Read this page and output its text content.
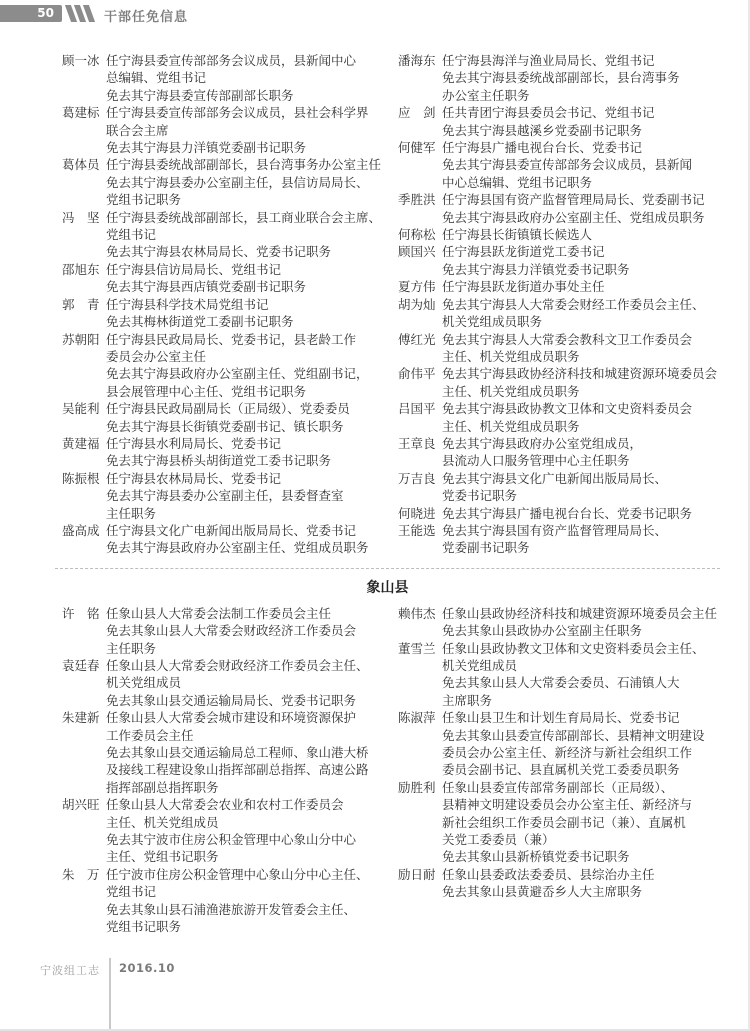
50	干部任免信息
顾一冰 任宁海县委宣传部部务会议成员，县新闻中心
总编辑、党组书记
免去其宁海县委宣传部副部长职务
葛建标 任宁海县委宣传部部务会议成员，县社会科学界
联合会主席
免去其宁海县力洋镇党委副书记职务
葛体员 任宁海县委统战部副部长，县台湾事务办公室主任
免去其宁海县委办公室副主任，县信访局局长、
党组书记职务
冯　坚 任宁海县委统战部副部长，县工商业联合会主席、
党组书记
免去其宁海县农林局局长、党委书记职务
邵旭东 任宁海县信访局局长、党组书记
免去其宁海县西店镇党委副书记职务
郭　青 任宁海县科学技术局党组书记
免去其梅林街道党工委副书记职务
苏朝阳 任宁海县民政局局长、党委书记，县老龄工作
委员会办公室主任
免去其宁海县政府办公室副主任、党组副书记，
县会展管理中心主任、党组书记职务
吴能利 任宁海县民政局副局长（正局级）、党委委员
免去其宁海县长街镇党委副书记、镇长职务
黄建福 任宁海县水利局局长、党委书记
免去其宁海县桥头胡街道党工委书记职务
陈振根 任宁海县农林局局长、党委书记
免去其宁海县委办公室副主任，县委督查室
主任职务
盛高成 任宁海县文化广电新闻出版局局长、党委书记
免去其宁海县政府办公室副主任、党组成员职务
潘海东 任宁海县海洋与渔业局局长、党组书记
免去其宁海县委统战部副部长，县台湾事务
办公室主任职务
应　剑 任共青团宁海县委员会书记、党组书记
免去其宁海县越溪乡党委副书记职务
何健军 任宁海县广播电视台台长、党委书记
免去其宁海县委宣传部部务会议成员，县新闻
中心总编辑、党组书记职务
季胜洪 任宁海县国有资产监督管理局局长、党委副书记
免去其宁海县政府办公室副主任、党组成员职务
何称松 任宁海县长街镇镇长候选人
顾国兴 任宁海县跃龙街道党工委书记
免去其宁海县力洋镇党委书记职务
夏方伟 任宁海县跃龙街道办事处主任
胡为灿 免去其宁海县人大常委会财经工作委员会主任、
机关党组成员职务
傅红光 免去其宁海县人大常委会教科文卫工作委员会
主任、机关党组成员职务
俞伟平 免去其宁海县政协经济科技和城建资源环境委员会
主任、机关党组成员职务
吕国平 免去其宁海县政协教文卫体和文史资料委员会
主任、机关党组成员职务
王章良 免去其宁海县政府办公室党组成员，
县流动人口服务管理中心主任职务
万吉良 免去其宁海县文化广电新闻出版局局长、
党委书记职务
何晓进 免去其宁海县广播电视台台长、党委书记职务
王能选 免去其宁海县国有资产监督管理局局长、
党委副书记职务
象山县
许　铭 任象山县人大常委会法制工作委员会主任
免去其象山县人大常委会财政经济工作委员会
主任职务
袁廷春 任象山县人大常委会财政经济工作委员会主任、
机关党组成员
免去其象山县交通运输局局长、党委书记职务
朱建新 任象山县人大常委会城市建设和环境资源保护
工作委员会主任
免去其象山县交通运输局总工程师、象山港大桥
及接线工程建设象山指挥部副总指挥、高速公路
指挥部副总指挥职务
胡兴旺 任象山县人大常委会农业和农村工作委员会
主任、机关党组成员
免去其宁波市住房公积金管理中心象山分中心
主任、党组书记职务
朱　万 任宁波市住房公积金管理中心象山分中心主任、
党组书记
免去其象山县石浦渔港旅游开发管委会主任、
党组书记职务
赖伟杰 任象山县政协经济科技和城建资源环境委员会主任
免去其象山县政协办公室副主任职务
董雪兰 任象山县政协教文卫体和文史资料委员会主任、
机关党组成员
免去其象山县人大常委会委员、石浦镇人大
主席职务
陈淑萍 任象山县卫生和计划生育局局长、党委书记
免去其象山县委宣传部副部长、县精神文明建设
委员会办公室主任、新经济与新社会组织工作
委员会副书记、县直属机关党工委委员职务
励胜利 任象山县委宣传部常务副部长（正局级）、
县精神文明建设委员会办公室主任、新经济与
新社会组织工作委员会副书记（兼）、直属机
关党工委委员（兼）
免去其象山县新桥镇党委书记职务
励日耐 任象山县委政法委委员、县综治办主任
免去其象山县黄避岙乡人大主席职务
宁波组工志 2016.10
